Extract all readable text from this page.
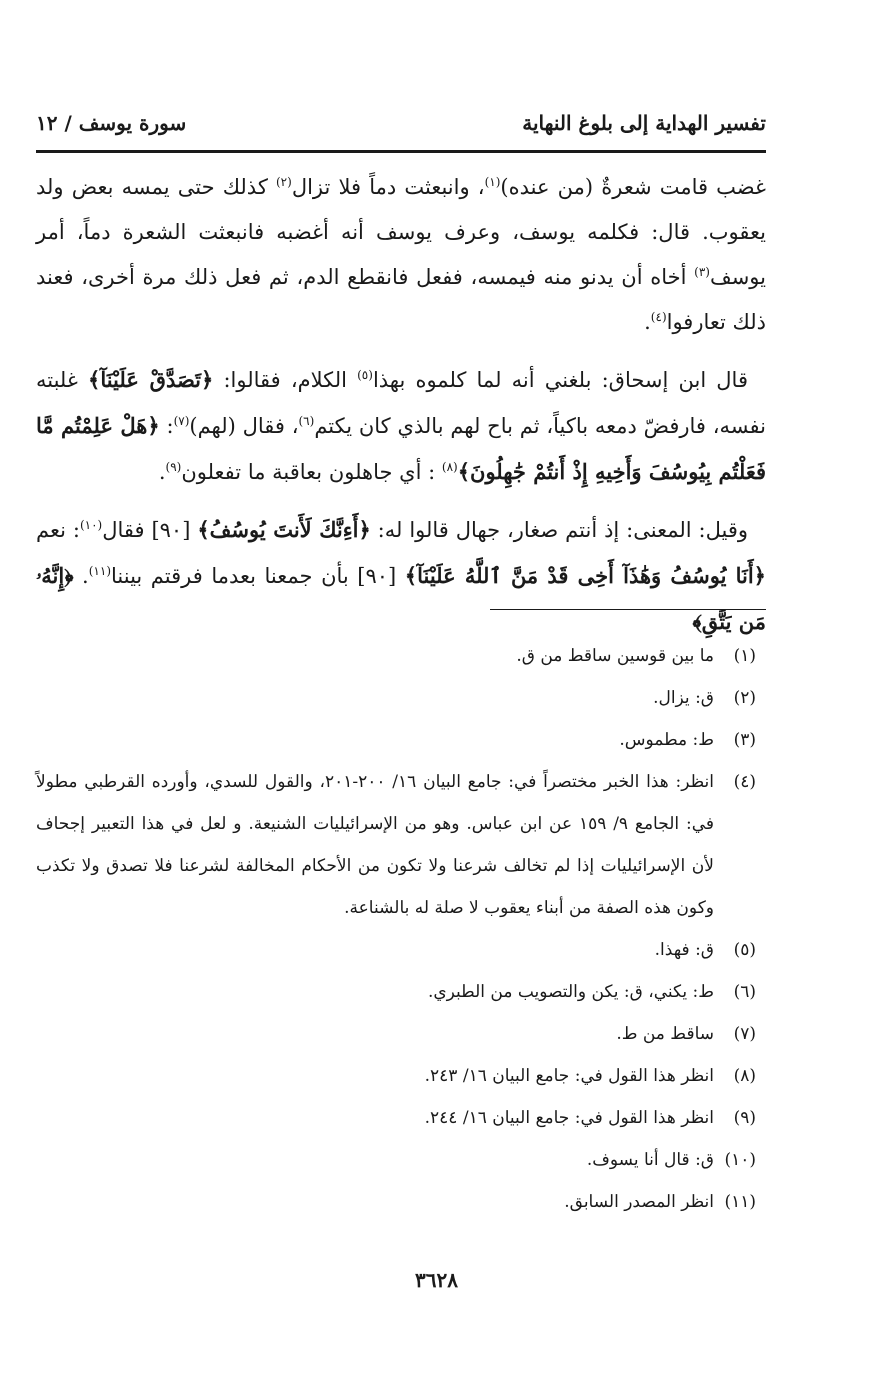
تفسير الهداية إلى بلوغ النهاية
سورة يوسف / ١٢

غضب قامت شعرةٌ (من عنده)$^{(١)}$، وانبعثت دماً فلا تزال$^{(٢)}$ كذلك حتى يمسه بعض ولد يعقوب. قال: فكلمه يوسف، وعرف يوسف أنه أغضبه فانبعثت الشعرة دماً، أمر يوسف$^{(٣)}$ أخاه أن يدنو منه فيمسه، ففعل فانقطع الدم، ثم فعل ذلك مرة أخرى، فعند ذلك تعارفوا$^{(٤)}$.

قال ابن إسحاق: بلغني أنه لما كلموه بهذا$^{(٥)}$ الكلام، فقالوا: ﴿تَصَدَّقْ عَلَيْنَآ﴾ غلبته نفسه، فارفضّ دمعه باكياً، ثم باح لهم بالذي كان يكتم$^{(٦)}$، فقال (لهم)$^{(٧)}$: ﴿هَلْ عَلِمْتُم مَّا فَعَلْتُم بِيُوسُفَ وَأَخِيهِ إِذْ أَنتُمْ جَٰهِلُونَ﴾$^{(٨)}$ : أي جاهلون بعاقبة ما تفعلون$^{(٩)}$.

وقيل: المعنى: إذ أنتم صغار، جهال قالوا له: ﴿أَءِنَّكَ لَأَنتَ يُوسُفُ﴾ [٩٠] فقال$^{(١٠)}$: نعم ﴿أَنَا يُوسُفُ وَهَٰذَآ أَخِى قَدْ مَنَّ ٱللَّهُ عَلَيْنَآ﴾ [٩٠] بأن جمعنا بعدما فرقتم بيننا$^{(١١)}$. ﴿إِنَّهُۥ مَن يَتَّقِ﴾

(١)
ما بين قوسين ساقط من ق.
(٢)
ق: يزال.
(٣)
ط: مطموس.
(٤)
انظر: هذا الخبر مختصراً في: جامع البيان ١٦/ ٢٠٠-٢٠١، والقول للسدي، وأورده القرطبي مطولاً في: الجامع ٩/ ١٥٩ عن ابن عباس. وهو من الإسرائيليات الشنيعة. و لعل في هذا التعبير إجحاف لأن الإسرائيليات إذا لم تخالف شرعنا ولا تكون من الأحكام المخالفة لشرعنا فلا تصدق ولا تكذب وكون هذه الصفة من أبناء يعقوب لا صلة له بالشناعة.
(٥)
ق: فهذا.
(٦)
ط: يكني، ق: يكن والتصويب من الطبري.
(٧)
ساقط من ط.
(٨)
انظر هذا القول في: جامع البيان ١٦/ ٢٤٣.
(٩)
انظر هذا القول في: جامع البيان ١٦/ ٢٤٤.
(١٠)
ق: قال أنا يسوف.
(١١)
انظر المصدر السابق.
٣٦٢٨
